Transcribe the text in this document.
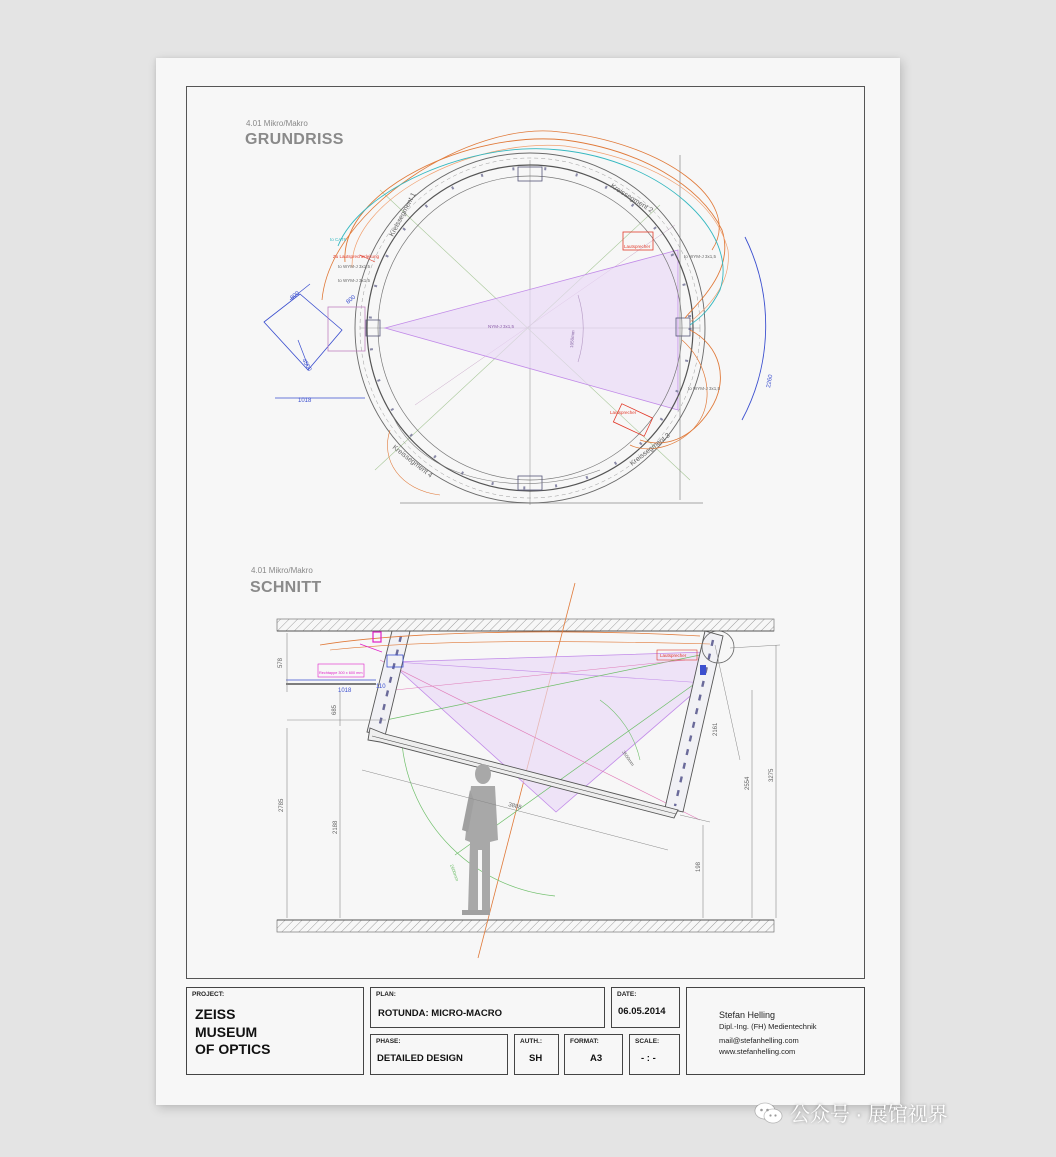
4.01 Mikro/Makro
GRUNDRISS
4.01 Mikro/Makro
SCHNITT
Kreissegment 1	Kreissegment 2
Kreissegment 3
Kreissegment 4
Lautsprecher
Lautsprecher
Zu Lautsprecherleitung
to WYM-J 3x1,5
to WYM-J 3x1,5
to WYM-J 3x1,5
to WYM-J 3x1,5
NYM-J 3x1,5
to CAT6
1018
800	800
4500
2260
1050mm
578
1018
110
685
2785
2188
3888
3550mm
2600mm
2161
2554
3275
198
Lautsprecher
Rechtappe 300 x 600 mm
PROJECT:
ZEISS
MUSEUM
OF OPTICS
PLAN:
ROTUNDA: MICRO-MACRO
DATE:
06.05.2014
PHASE:
DETAILED DESIGN
AUTH.:
SH
FORMAT:
A3
SCALE:
- : -
Stefan Helling
Dipl.-Ing. (FH) Medientechnik
mail@stefanhelling.com
www.stefanhelling.com
公众号 · 展馆视界
